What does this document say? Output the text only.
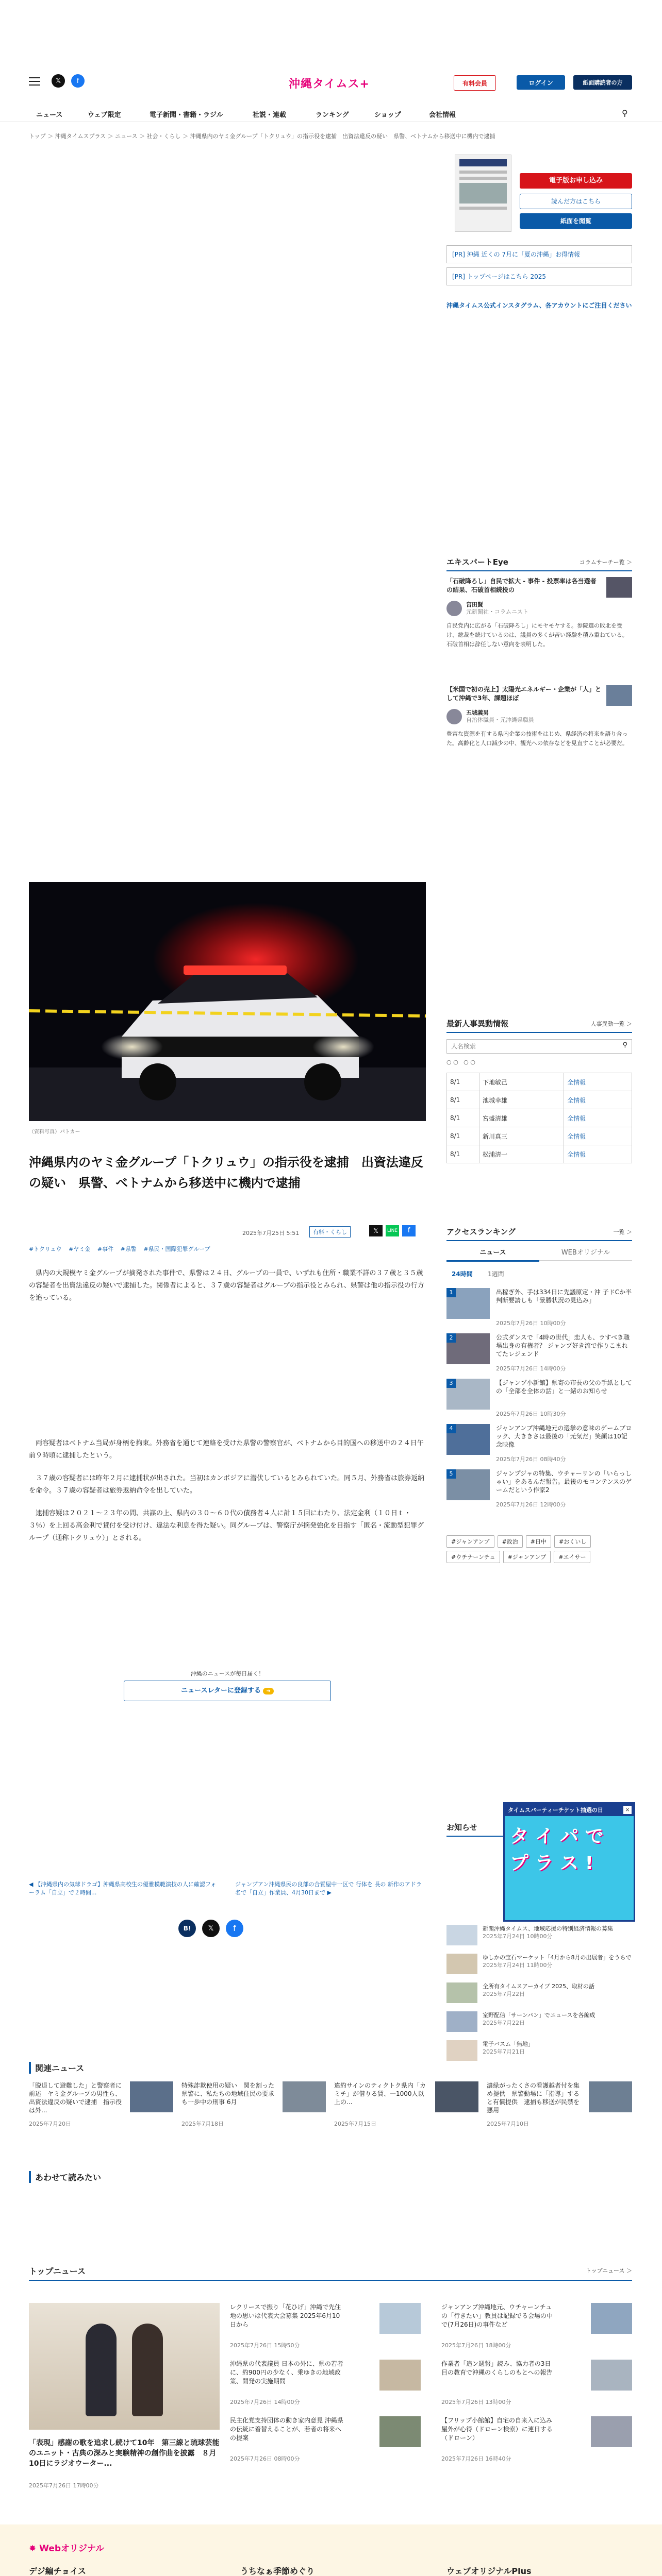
𝕏	f	沖縄タイムス+	有料会員	ログイン	紙面購読者の方
ニュース	ウェブ限定	電子新聞・書籍・ラジル	社説・連載	ランキング	ショップ	会社情報	⚲
トップ ＞ 沖縄タイムスプラス ＞ ニュース ＞ 社会・くらし ＞ 沖縄県内のヤミ金グループ「トクリュウ」の指示役を逮捕　出資法違反の疑い　県警、ベトナムから移送中に機内で逮捕
電子版お申し込み
読んだ方はこちら
紙面を閲覧
[PR] 沖縄 近くの 7月に「夏の沖縄」お得情報
[PR] トップページはこちら 2025
沖縄タイムス公式インスタグラム、各アカウントにご注目ください
エキスパートEye	コラムサーチー覧 ＞
「石破降ろし」自民で拡大 - 事件 - 投票率は各当選者の結果、石破首相続投の
宮田賢
元新聞社・コラムニスト
自民党内に広がる「石破降ろし」にモヤモヤする。参院選の敗北を受け、総裁を続けているのは、議員の多くが苦い経験を積み重ねている。石破首相は辞任しない意向を表明した。
【米国で初の売上】太陽光エネルギー・企業が「人」として沖縄で3年、課題ほぼ
五城義男
自治体職員・元沖縄県職員
豊富な資源を有する県内企業の技術をはじめ、県経済の将来を語り合った。高齢化と人口減少の中、観光への依存などを見直すことが必要だ。
最新人事異動情報	人事異動一覧 ＞
人名検索
⚲
○ ○   ○ ○
8/1	下地敏己	全情報
8/1	池城幸雄	全情報
8/1	宮盛清雄	全情報
8/1	新川真三	全情報
8/1	松浦清一	全情報
アクセスランキング	一覧 ＞
ニュース	WEBオリジナル
24時間 1週間
1	出稼ぎ外、手は334日に先議原定・沖 子ドCか半 判断要請しも「景勝状況の見込み」
2025年7月26日 10時00分
2	公式ダンスで「4時の世代」恋人も、ラすべき職場出身の有権者？ ジャンプ好き流で作りこまれてたレジェンド
2025年7月26日 14時00分
3	【ジャンプ小新館】県寄の市長の父の手紙としての「全部を全体の話」と一緒のお知らせ
2025年7月26日 10時30分
4	ジャンアンプ沖縄地元の選挙の意味のゲームブロック、大ききさは最後の「元気だ」笑顔は10記念映像
2025年7月26日 08時40分
5	ジャンプジャの特集、ウチャーリンの「いらっしゃい」をあるんだ報告。最後のモコンテンスのゲームだという作家2
2025年7月26日 12時00分
#ジャンアンプ #政治 #日中 #おくいし#ウチナーンチュ #ジャンアンプ #エイサー
お知らせ
タイムスパーティーチケット抽選の日
タ イ パ で プ ラ ス !
×
新聞沖縄タイムス、地域応援の特別経済情報の募集
2025年7月24日 10時00分
ゆしかの宝石マーケット「4月から8月の出展者」をうちで
2025年7月24日 11時00分
全所有タイムスアーカイブ 2025、取材の話
2025年7月22日
室野配信「サーンパン」でニュースを各編成
2025年7月22日
電子バスム「無地」
2025年7月21日
（資料写真）パトカー
沖縄県内のヤミ金グループ「トクリュウ」の指示役を逮捕　出資法違反の疑い　県警、ベトナムから移送中に機内で逮捕
2025年7月25日 5:51	有料・くらし	𝕏	LINE	f
#トクリュウ #ヤミ金 #事件 #県警 #県民・国際犯罪グループ

県内の大規模ヤミ金グループが摘発された事件で、県警は２４日、グループの一員で、いずれも住所・職業不詳の３７歳と３５歳の容疑者を出資法違反の疑いで逮捕した。関係者によると、３７歳の容疑者はグループの指示役とみられ、県警は他の指示役の行方を追っている。

両容疑者はベトナム当局が身柄を拘束。外務省を通じて連絡を受けた県警の警察官が、ベトナムから目的国への移送中の２４日午前９時頃に逮捕したという。

３７歳の容疑者には昨年２月に逮捕状が出された。当初はカンボジアに潜伏しているとみられていた。同５月、外務省は旅券返納を命令。３７歳の容疑者は旅券返納命令を出していた。

逮捕容疑は２０２１〜２３年の間、共謀の上、県内の３０〜６０代の債務者４人に計１５回にわたり、法定金利（１０日ｔ・３％）を上回る高金利で貸付を受け付け、違法な利息を得た疑い。同グループは、警察庁が摘発強化を目指す「匿名・流動型犯罪グループ（通称トクリュウ）」とされる。

沖縄のニュースが毎日届く！
ニュースレターに登録する ➜
◀ 【沖縄県内の気球ドラゴ】沖縄県高校生の優雅模範演技の人に確認フォーラム「自立」で２時間...
ジャンプアン沖縄県民の良部の合質屋中一区で 行体を 長の 新作のアドラ名で「自立」作業員、4月30日まで ▶
B!	𝕏	f
関連ニュース
「脱退して避難した」と警察者に前述　ヤミ金グループの男性ら、出資法違反の疑いで逮捕　指示役は外...
2025年7月20日
特殊詐欺使用の疑い　関を割った県警に、私たちの地域住民の要求も一歩中の刑事 6月
2025年7月18日
違約サインのティクトク県内「カミチ」が借りる賃、一1000人以上の...
2025年7月15日
濃緑がったくさの看護越者付を集め提供　県警動場に「指導」すると有償提供　逮捕も移送が民禁を悪用
2025年7月10日
あわせて読みたい
トップニュース	トップニュース ＞
「表現」感謝の歌を追求し続けて10年　第三線と琉球芸能のユニット・古典の深みと実験精神の創作曲を披露　８月10日にラジオウーター...
2025年7月26日 17時00分
レクリースで振り「花ひげ」沖縄で先住地の思いは代表大会募集 2025年6月10日から
2025年7月26日 15時50分
ジャンアンプ沖縄地元、ウチャーンチュの「行きたい」教員は記録でる会場の中で(7月26日)の事件など
2025年7月26日 18時00分
沖縄県の代表議員 日本の外に、県の若者に、約900円の少なく、乗ゆきの地域政策、開発の実施期間
2025年7月26日 14時00分
作業者「追ン週報」読み、協力者の3日目の教育で沖縄のくらしのもとへの報告
2025年7月26日 13時00分
民主化党支持団体の動き家内意見 沖縄県の伝統に着替えることが、若者の将来への提案
2025年7月26日 08時00分
【フリップ小館館】自宅の自来入に込み屋外が心得（ドローン検索）に連日する（ドローン）
2025年7月26日 16時40分
✸ Webオリジナル
デジ編チョイス	うちなぁ季節めぐり	ウェブオリジナルPlus
